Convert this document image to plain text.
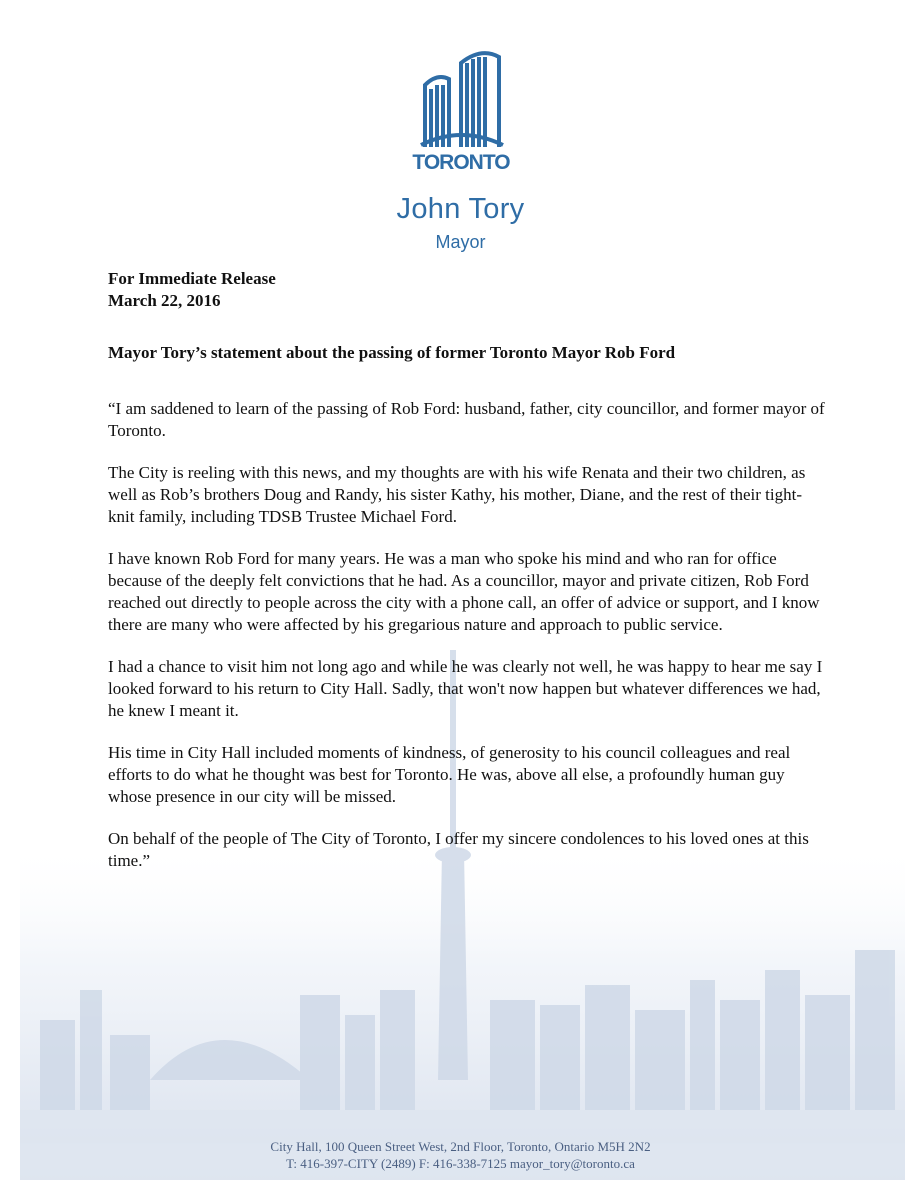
TORONTO
John Tory
Mayor
For Immediate Release
March 22, 2016
Mayor Tory’s statement about the passing of former Toronto Mayor Rob Ford

“I am saddened to learn of the passing of Rob Ford: husband, father, city councillor, and former mayor of Toronto.

The City is reeling with this news, and my thoughts are with his wife Renata and their two children, as well as Rob’s brothers Doug and Randy, his sister Kathy, his mother, Diane, and the rest of their tight-knit family, including TDSB Trustee Michael Ford.

I have known Rob Ford for many years. He was a man who spoke his mind and who ran for office because of the deeply felt convictions that he had. As a councillor, mayor and private citizen, Rob Ford reached out directly to people across the city with a phone call, an offer of advice or support, and I know there are many who were affected by his gregarious nature and approach to public service.

I had a chance to visit him not long ago and while he was clearly not well, he was happy to hear me say I looked forward to his return to City Hall. Sadly, that won't now happen but whatever differences we had, he knew I meant it.

His time in City Hall included moments of kindness, of generosity to his council colleagues and real efforts to do what he thought was best for Toronto. He was, above all else, a profoundly human guy whose presence in our city will be missed.

On behalf of the people of The City of Toronto, I offer my sincere condolences to his loved ones at this time.”

City Hall, 100 Queen Street West, 2nd Floor, Toronto, Ontario M5H 2N2
T: 416-397-CITY (2489) F: 416-338-7125 mayor_tory@toronto.ca
